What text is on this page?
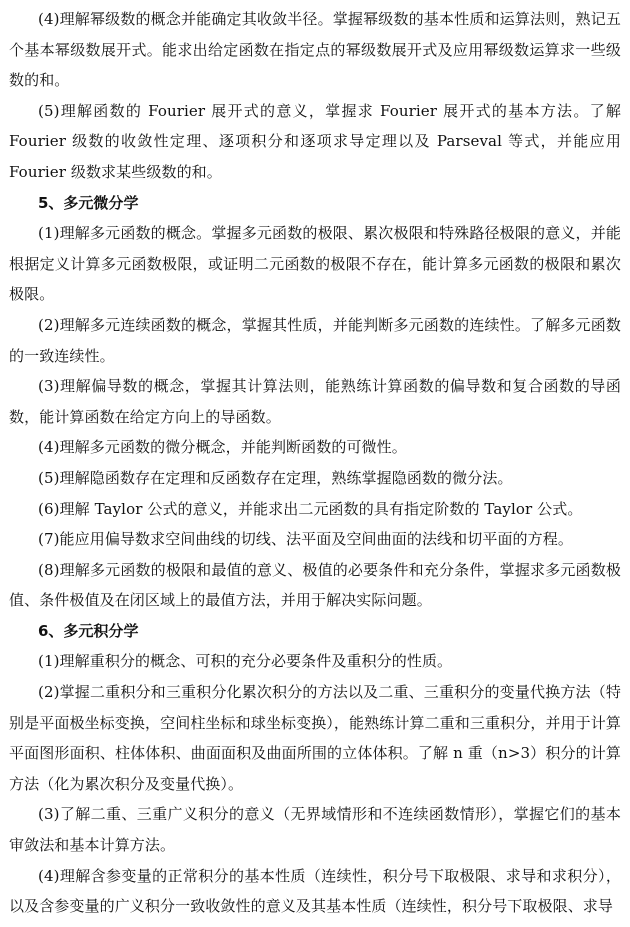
(4)理解幂级数的概念并能确定其收敛半径。掌握幂级数的基本性质和运算法则，熟记五个基本幂级数展开式。能求出给定函数在指定点的幂级数展开式及应用幂级数运算求一些级数的和。

(5)理解函数的 Fourier 展开式的意义，掌握求 Fourier 展开式的基本方法。了解 Fourier 级数的收敛性定理、逐项积分和逐项求导定理以及 Parseval 等式，并能应用 Fourier 级数求某些级数的和。

5、多元微分学

(1)理解多元函数的概念。掌握多元函数的极限、累次极限和特殊路径极限的意义，并能根据定义计算多元函数极限，或证明二元函数的极限不存在，能计算多元函数的极限和累次极限。

(2)理解多元连续函数的概念，掌握其性质，并能判断多元函数的连续性。了解多元函数的一致连续性。

(3)理解偏导数的概念，掌握其计算法则，能熟练计算函数的偏导数和复合函数的导函数，能计算函数在给定方向上的导函数。

(4)理解多元函数的微分概念，并能判断函数的可微性。

(5)理解隐函数存在定理和反函数存在定理，熟练掌握隐函数的微分法。

(6)理解 Taylor 公式的意义，并能求出二元函数的具有指定阶数的 Taylor 公式。

(7)能应用偏导数求空间曲线的切线、法平面及空间曲面的法线和切平面的方程。

(8)理解多元函数的极限和最值的意义、极值的必要条件和充分条件，掌握求多元函数极值、条件极值及在闭区域上的最值方法，并用于解决实际问题。

6、多元积分学

(1)理解重积分的概念、可积的充分必要条件及重积分的性质。

(2)掌握二重积分和三重积分化累次积分的方法以及二重、三重积分的变量代换方法（特别是平面极坐标变换，空间柱坐标和球坐标变换），能熟练计算二重和三重积分，并用于计算平面图形面积、柱体体积、曲面面积及曲面所围的立体体积。了解 n 重（n>3）积分的计算方法（化为累次积分及变量代换）。

(3)了解二重、三重广义积分的意义（无界域情形和不连续函数情形），掌握它们的基本审敛法和基本计算方法。

(4)理解含参变量的正常积分的基本性质（连续性，积分号下取极限、求导和求积分），以及含参变量的广义积分一致收敛性的意义及其基本性质（连续性，积分号下取极限、求导
